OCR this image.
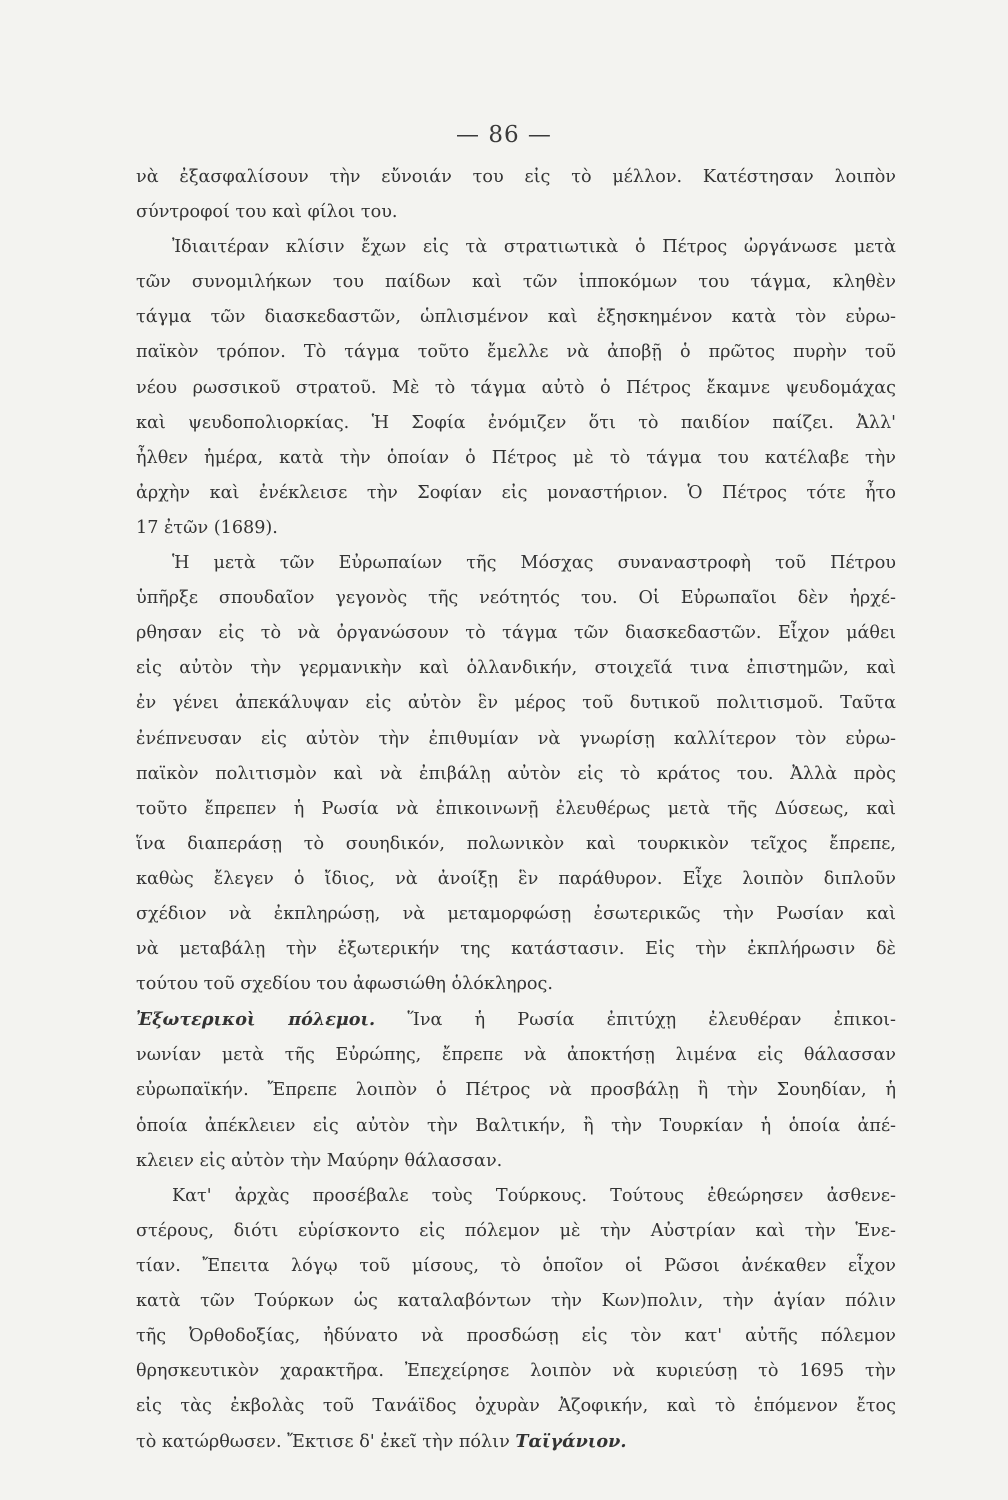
— 86 —
νὰ ἐξασφαλίσουν τὴν εὔνοιάν του εἰς τὸ μέλλον. Κατέστησαν λοιπὸν
σύντροφοί του καὶ φίλοι του.
Ἰδιαιτέραν κλίσιν ἔχων εἰς τὰ στρατιωτικὰ ὁ Πέτρος ὠργάνωσε μετὰ
τῶν συνομιλήκων του παίδων καὶ τῶν ἱπποκόμων του τάγμα, κληθὲν
τάγμα τῶν διασκεδαστῶν, ὡπλισμένον καὶ ἐξησκημένον κατὰ τὸν εὐρω-
παϊκὸν τρόπον. Τὸ τάγμα τοῦτο ἔμελλε νὰ ἀποβῇ ὁ πρῶτος πυρὴν τοῦ
νέου ρωσσικοῦ στρατοῦ. Μὲ τὸ τάγμα αὐτὸ ὁ Πέτρος ἔκαμνε ψευδομάχας
καὶ ψευδοπολιορκίας. Ἡ Σοφία ἐνόμιζεν ὅτι τὸ παιδίον παίζει. Ἀλλ'
ἦλθεν ἡμέρα, κατὰ τὴν ὁποίαν ὁ Πέτρος μὲ τὸ τάγμα του κατέλαβε τὴν
ἀρχὴν καὶ ἐνέκλεισε τὴν Σοφίαν εἰς μοναστήριον. Ὁ Πέτρος τότε ἦτο
17 ἐτῶν (1689).
Ἡ μετὰ τῶν Εὐρωπαίων τῆς Μόσχας συναναστροφὴ τοῦ Πέτρου
ὑπῆρξε σπουδαῖον γεγονὸς τῆς νεότητός του. Οἱ Εὐρωπαῖοι δὲν ἠρχέ-
ρθησαν εἰς τὸ νὰ ὀργανώσουν τὸ τάγμα τῶν διασκεδαστῶν. Εἶχον μάθει
εἰς αὐτὸν τὴν γερμανικὴν καὶ ὁλλανδικήν, στοιχεῖά τινα ἐπιστημῶν, καὶ
ἐν γένει ἀπεκάλυψαν εἰς αὐτὸν ἓν μέρος τοῦ δυτικοῦ πολιτισμοῦ. Ταῦτα
ἐνέπνευσαν εἰς αὐτὸν τὴν ἐπιθυμίαν νὰ γνωρίσῃ καλλίτερον τὸν εὐρω-
παϊκὸν πολιτισμὸν καὶ νὰ ἐπιβάλῃ αὐτὸν εἰς τὸ κράτος του. Ἀλλὰ πρὸς
τοῦτο ἔπρεπεν ἡ Ρωσία νὰ ἐπικοινωνῇ ἐλευθέρως μετὰ τῆς Δύσεως, καὶ
ἵνα διαπεράσῃ τὸ σουηδικόν, πολωνικὸν καὶ τουρκικὸν τεῖχος ἔπρεπε,
καθὼς ἔλεγεν ὁ ἴδιος, νὰ ἀνοίξῃ ἓν παράθυρον. Εἶχε λοιπὸν διπλοῦν
σχέδιον νὰ ἐκπληρώσῃ, νὰ μεταμορφώσῃ ἐσωτερικῶς τὴν Ρωσίαν καὶ
νὰ μεταβάλῃ τὴν ἐξωτερικήν της κατάστασιν. Εἰς τὴν ἐκπλήρωσιν δὲ
τούτου τοῦ σχεδίου του ἀφωσιώθη ὁλόκληρος.
Ἐξωτερικοὶ πόλεμοι. Ἵνα ἡ Ρωσία ἐπιτύχῃ ἐλευθέραν ἐπικοι-
νωνίαν μετὰ τῆς Εὐρώπης, ἔπρεπε νὰ ἀποκτήσῃ λιμένα εἰς θάλασσαν
εὐρωπαϊκήν. Ἔπρεπε λοιπὸν ὁ Πέτρος νὰ προσβάλῃ ἢ τὴν Σουηδίαν, ἡ
ὁποία ἀπέκλειεν εἰς αὐτὸν τὴν Βαλτικήν, ἢ τὴν Τουρκίαν ἡ ὁποία ἀπέ-
κλειεν εἰς αὐτὸν τὴν Μαύρην θάλασσαν.
Κατ' ἀρχὰς προσέβαλε τοὺς Τούρκους. Τούτους ἐθεώρησεν ἀσθενε-
στέρους, διότι εὑρίσκοντο εἰς πόλεμον μὲ τὴν Αὐστρίαν καὶ τὴν Ἑνε-
τίαν. Ἔπειτα λόγῳ τοῦ μίσους, τὸ ὁποῖον οἱ Ρῶσοι ἀνέκαθεν εἶχον
κατὰ τῶν Τούρκων ὡς καταλαβόντων τὴν Κων)πολιν, τὴν ἁγίαν πόλιν
τῆς Ὀρθοδοξίας, ἠδύνατο νὰ προσδώσῃ εἰς τὸν κατ' αὐτῆς πόλεμον
θρησκευτικὸν χαρακτῆρα. Ἐπεχείρησε λοιπὸν νὰ κυριεύσῃ τὸ 1695 τὴν
εἰς τὰς ἐκβολὰς τοῦ Τανάϊδος ὀχυρὰν Ἀζοφικήν, καὶ τὸ ἑπόμενον ἔτος
τὸ κατώρθωσεν. Ἔκτισε δ' ἐκεῖ τὴν πόλιν Ταϊγάνιον.
